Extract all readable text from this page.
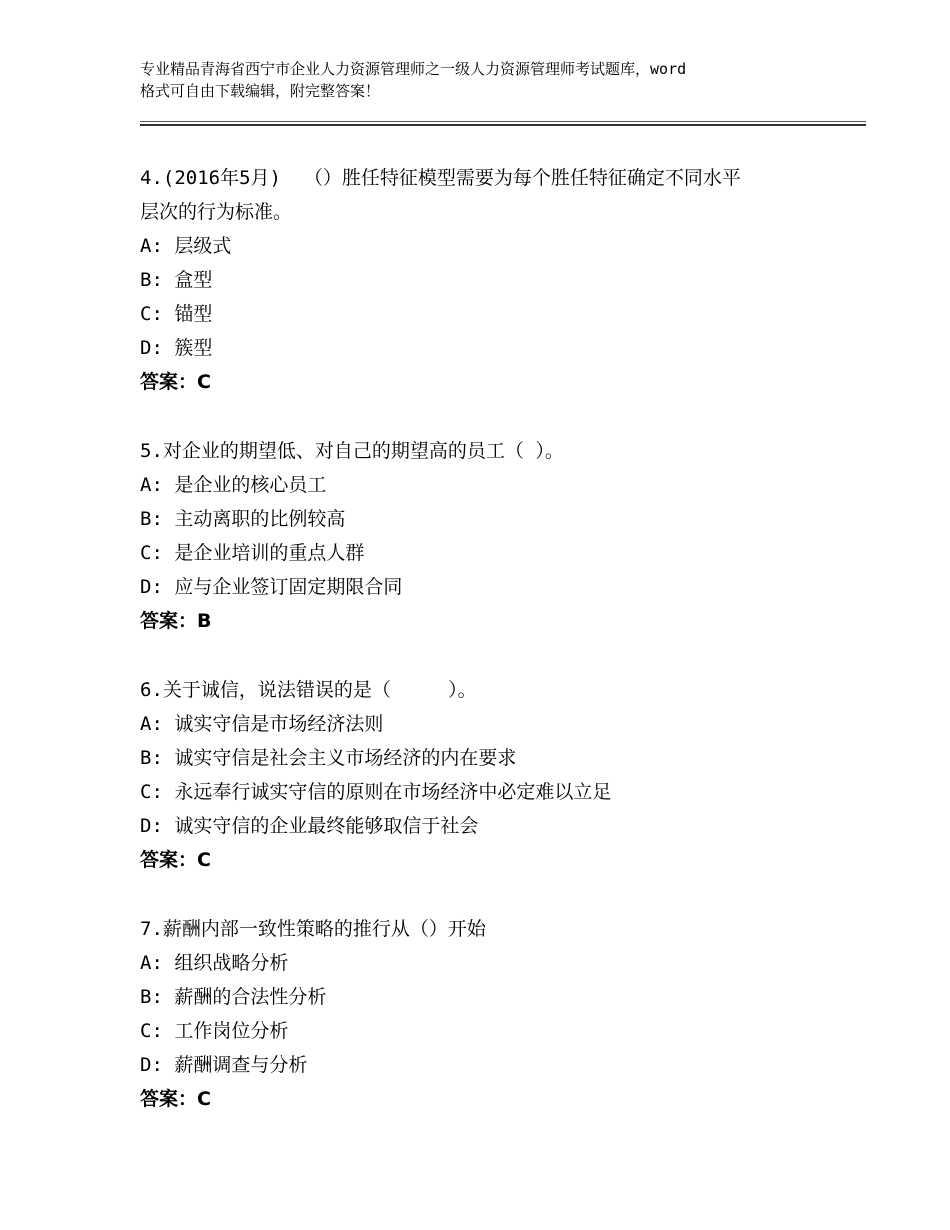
专业精品青海省西宁市企业人力资源管理师之一级人力资源管理师考试题库，word
格式可自由下载编辑，附完整答案！
4.(2016年5月)  （）胜任特征模型需要为每个胜任特征确定不同水平
层次的行为标准。
A: 层级式
B: 盒型
C: 锚型
D: 簇型
答案：C
5.对企业的期望低、对自己的期望高的员工（ ）。
A: 是企业的核心员工
B: 主动离职的比例较高
C: 是企业培训的重点人群
D: 应与企业签订固定期限合同
答案：B
6.关于诚信，说法错误的是（     ）。
A: 诚实守信是市场经济法则
B: 诚实守信是社会主义市场经济的内在要求
C: 永远奉行诚实守信的原则在市场经济中必定难以立足
D: 诚实守信的企业最终能够取信于社会
答案：C
7.薪酬内部一致性策略的推行从（）开始
A: 组织战略分析
B: 薪酬的合法性分析
C: 工作岗位分析
D: 薪酬调查与分析
答案：C
